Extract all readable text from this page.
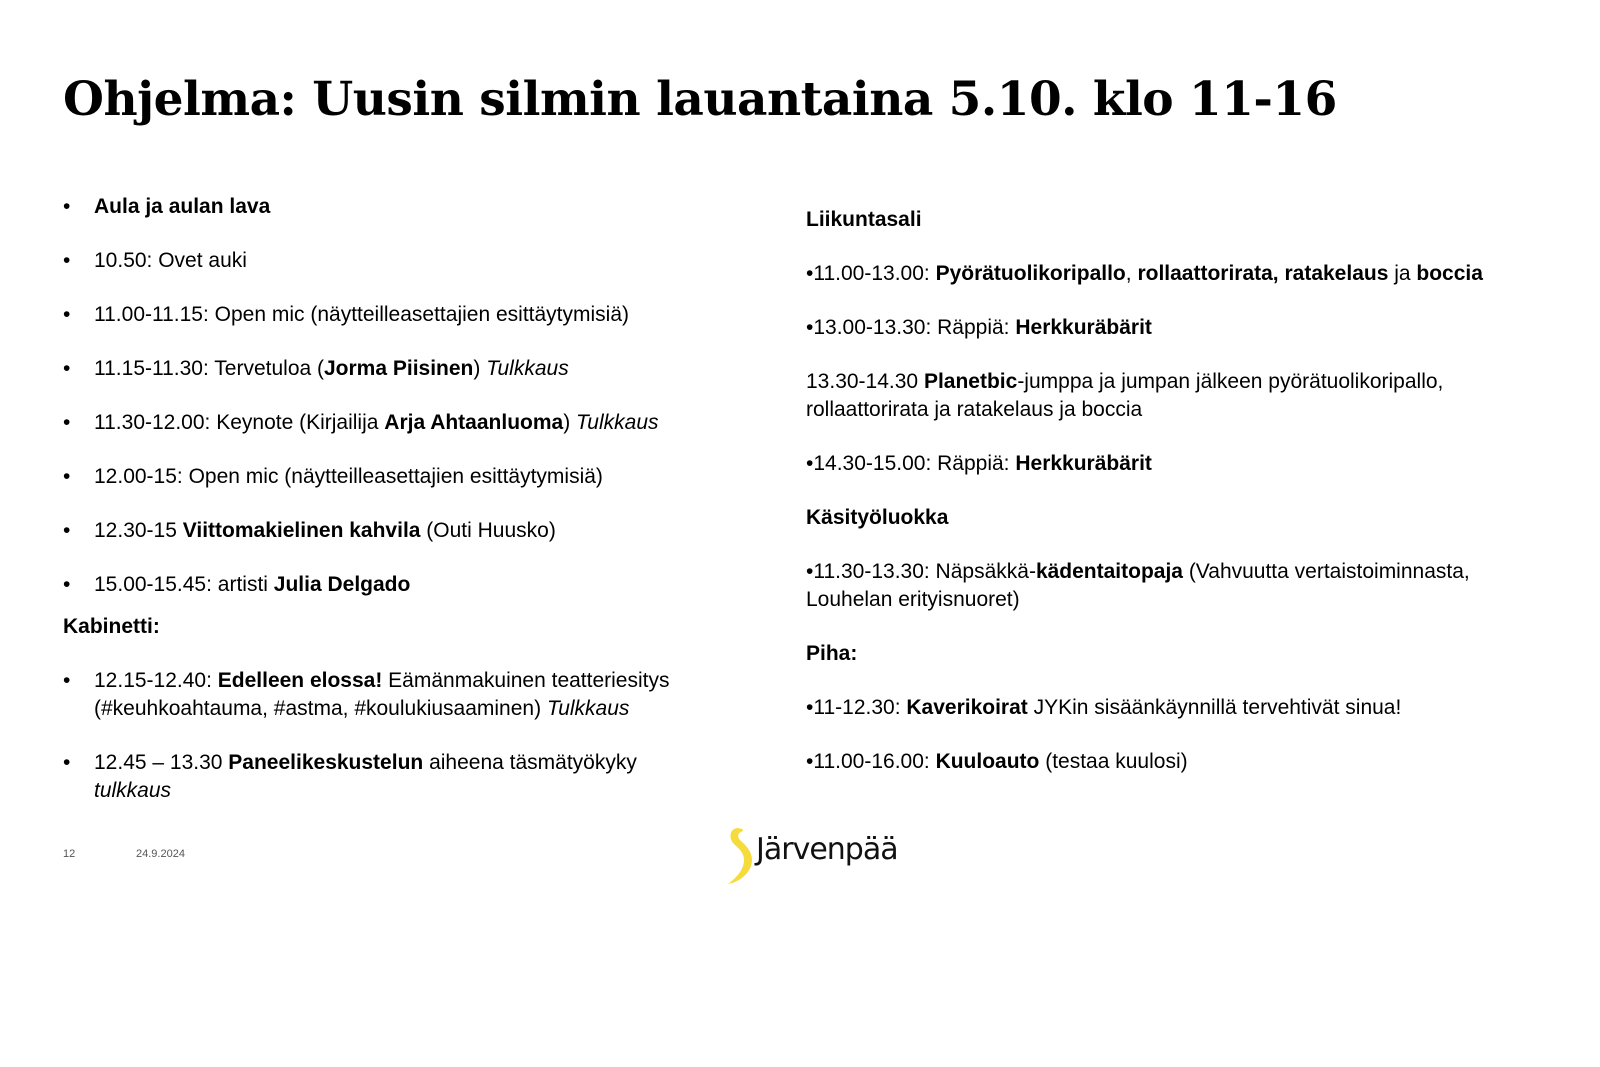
Ohjelma: Uusin silmin lauantaina 5.10. klo 11-16
• Aula ja aulan lava
• 10.50: Ovet auki
• 11.00-11.15: Open mic (näytteilleasettajien esittäytymisiä)
• 11.15-11.30: Tervetuloa (Jorma Piisinen) Tulkkaus
• 11.30-12.00: Keynote (Kirjailija Arja Ahtaanluoma) Tulkkaus
• 12.00-15: Open mic (näytteilleasettajien esittäytymisiä)
• 12.30-15 Viittomakielinen kahvila (Outi Huusko)
• 15.00-15.45: artisti Julia Delgado
Kabinetti:
• 12.15-12.40: Edelleen elossa! Eämänmakuinen teatteriesitys (#keuhkoahtauma, #astma, #koulukiusaaminen) Tulkkaus
• 12.45 – 13.30 Paneelikeskustelun aiheena täsmätyökyky tulkkaus
Liikuntasali
•11.00-13.00: Pyörätuolikoripallo, rollaattorirata, ratakelaus ja boccia
•13.00-13.30: Räppiä: Herkkuräbärit
13.30-14.30 Planetbic-jumppa ja jumpan jälkeen pyörätuolikoripallo, rollaattorirata ja ratakelaus ja boccia
•14.30-15.00: Räppiä: Herkkuräbärit
Käsityöluokka
•11.30-13.30: Näpsäkkä-kädentaitopaja (Vahvuutta vertaistoiminnasta, Louhelan erityisnuoret)
Piha:
•11-12.30: Kaverikoirat JYKin sisäänkäynnillä tervehtivät sinua!
•11.00-16.00: Kuuloauto (testaa kuulosi)
12	24.9.2024	Järvenpää
